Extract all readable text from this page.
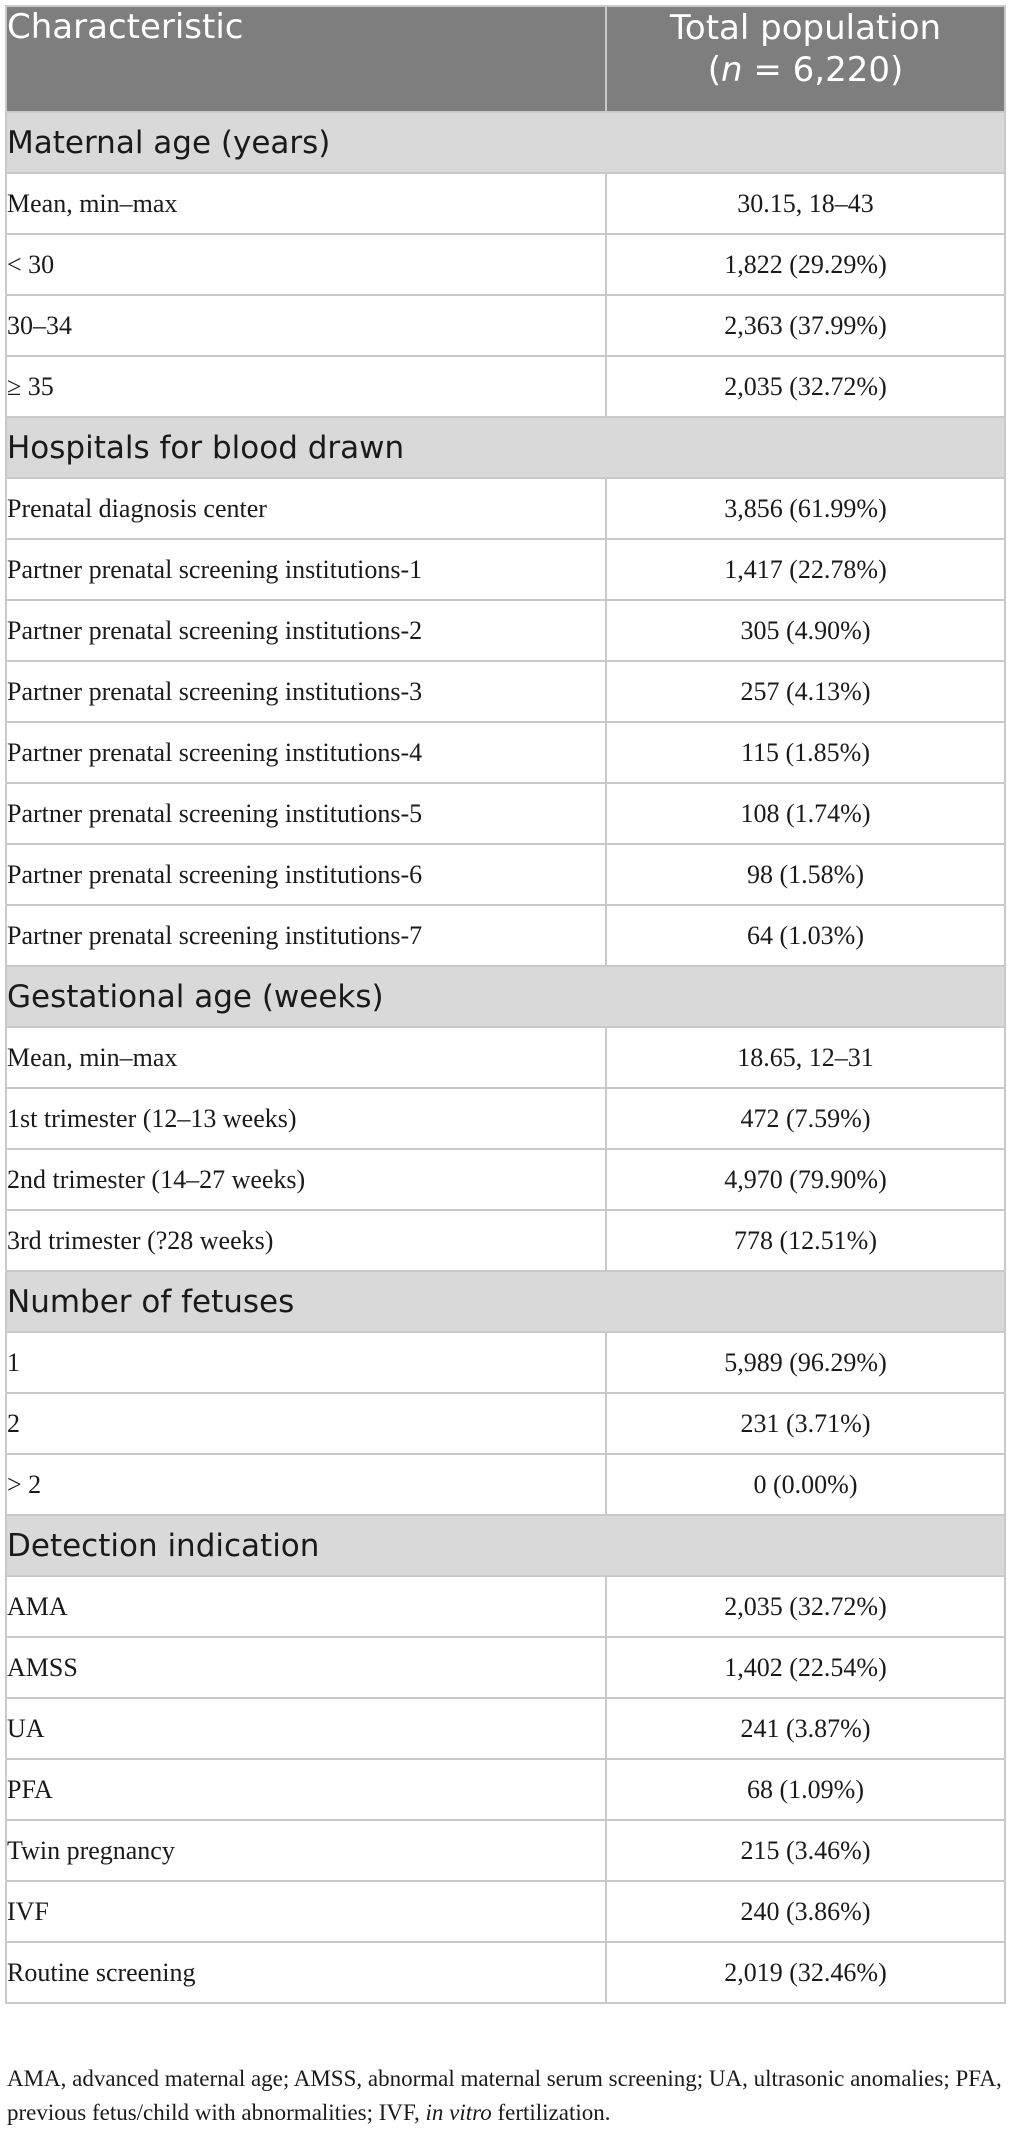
Characteristic	Total population
(n = 6,220)
Maternal age (years)	
Mean, min–max	30.15, 18–43
< 30	1,822 (29.29%)
30–34	2,363 (37.99%)
≥ 35	2,035 (32.72%)
Hospitals for blood drawn	
Prenatal diagnosis center	3,856 (61.99%)
Partner prenatal screening institutions-1	1,417 (22.78%)
Partner prenatal screening institutions-2	305 (4.90%)
Partner prenatal screening institutions-3	257 (4.13%)
Partner prenatal screening institutions-4	115 (1.85%)
Partner prenatal screening institutions-5	108 (1.74%)
Partner prenatal screening institutions-6	98 (1.58%)
Partner prenatal screening institutions-7	64 (1.03%)
Gestational age (weeks)	
Mean, min–max	18.65, 12–31
1st trimester (12–13 weeks)	472 (7.59%)
2nd trimester (14–27 weeks)	4,970 (79.90%)
3rd trimester (?28 weeks)	778 (12.51%)
Number of fetuses	
1	5,989 (96.29%)
2	231 (3.71%)
> 2	0 (0.00%)
Detection indication	
AMA	2,035 (32.72%)
AMSS	1,402 (22.54%)
UA	241 (3.87%)
PFA	68 (1.09%)
Twin pregnancy	215 (3.46%)
IVF	240 (3.86%)
Routine screening	2,019 (32.46%)
AMA, advanced maternal age; AMSS, abnormal maternal serum screening; UA, ultrasonic anomalies; PFA, previous fetus/child with abnormalities; IVF, in vitro fertilization.
